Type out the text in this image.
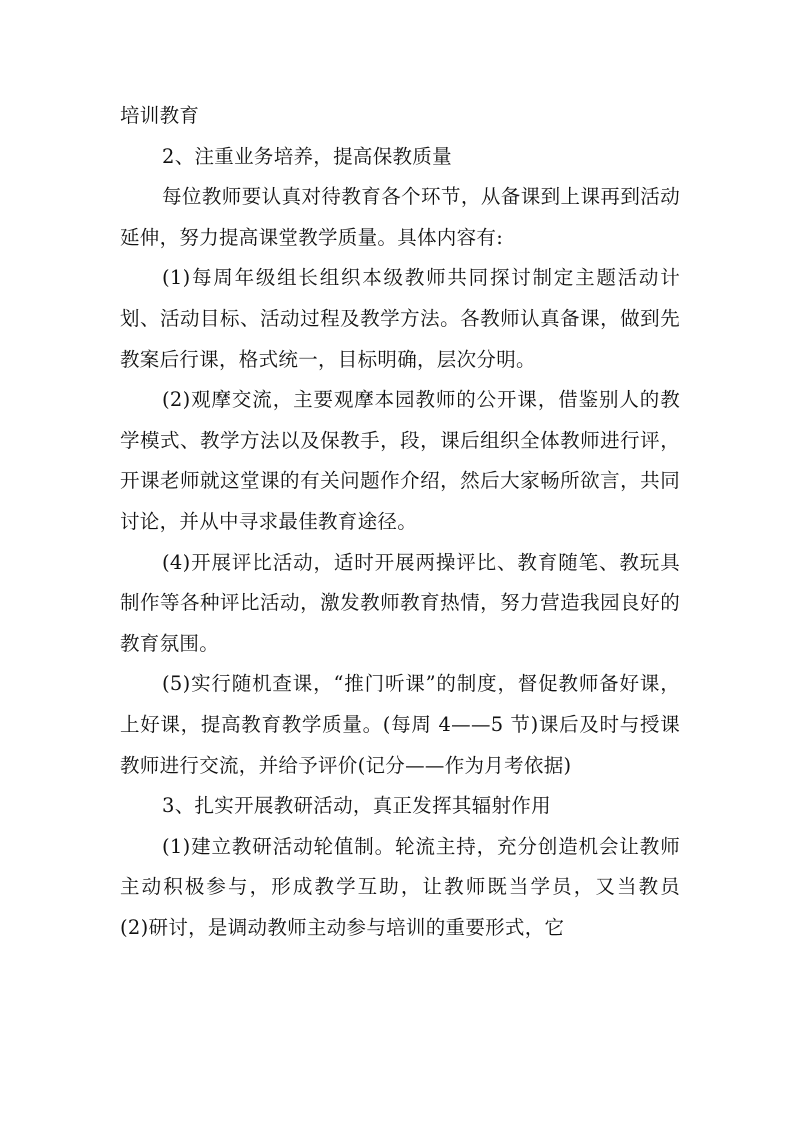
培训教育

2、注重业务培养，提高保教质量

每位教师要认真对待教育各个环节，从备课到上课再到活动延伸，努力提高课堂教学质量。具体内容有:

(1)每周年级组长组织本级教师共同探讨制定主题活动计划、活动目标、活动过程及教学方法。各教师认真备课，做到先教案后行课，格式统一，目标明确，层次分明。

(2)观摩交流，主要观摩本园教师的公开课，借鉴别人的教学模式、教学方法以及保教手，段，课后组织全体教师进行评，开课老师就这堂课的有关问题作介绍，然后大家畅所欲言，共同讨论，并从中寻求最佳教育途径。

(4)开展评比活动，适时开展两操评比、教育随笔、教玩具制作等各种评比活动，激发教师教育热情，努力营造我园良好的教育氛围。

(5)实行随机查课，“推门听课”的制度，督促教师备好课，上好课，提高教育教学质量。(每周 4——5 节)课后及时与授课教师进行交流，并给予评价(记分——作为月考依据)

3、扎实开展教研活动，真正发挥其辐射作用

(1)建立教研活动轮值制。轮流主持，充分创造机会让教师主动积极参与，形成教学互助，让教师既当学员，又当教员　(2)研讨，是调动教师主动参与培训的重要形式，它
